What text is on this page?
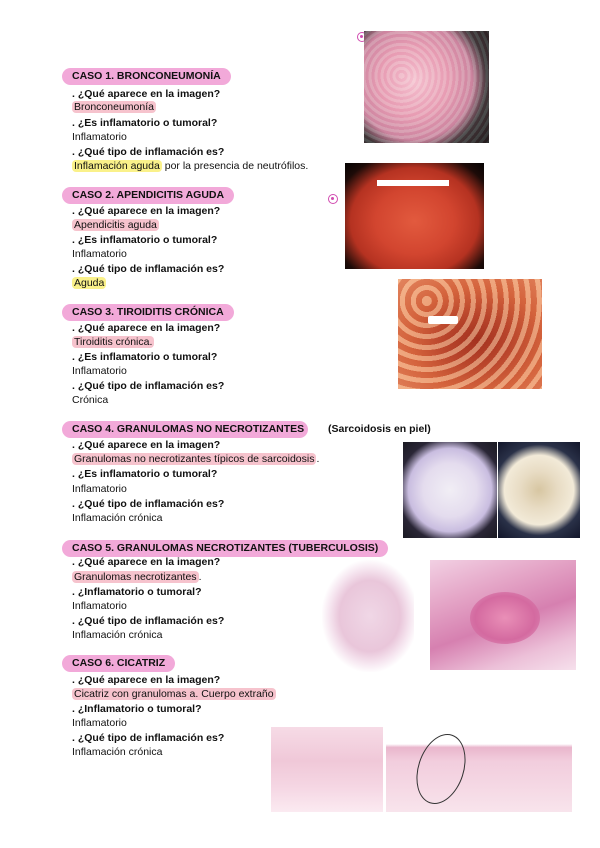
CASO 1. BRONCONEUMONÍA
. ¿Qué aparece en la imagen?
Bronconeumonía
. ¿Es inflamatorio o tumoral?
Inflamatorio
. ¿Qué tipo de inflamación es?
Inflamación aguda por la presencia de neutrófilos.
CASO 2. APENDICITIS AGUDA
. ¿Qué aparece en la imagen?
Apendicitis aguda
. ¿Es inflamatorio o tumoral?
Inflamatorio
. ¿Qué tipo de inflamación es?
Aguda
CASO 3. TIROIDITIS CRÓNICA
. ¿Qué aparece en la imagen?
Tiroiditis crónica.
. ¿Es inflamatorio o tumoral?
Inflamatorio
. ¿Qué tipo de inflamación es?
Crónica
CASO 4. GRANULOMAS NO NECROTIZANTES	(Sarcoidosis en piel)
. ¿Qué aparece en la imagen?
Granulomas no necrotizantes típicos de sarcoidosis .
. ¿Es inflamatorio o tumoral?
Inflamatorio
. ¿Qué tipo de inflamación es?
Inflamación crónica
CASO 5. GRANULOMAS NECROTIZANTES (TUBERCULOSIS)
. ¿Qué aparece en la imagen?
Granulomas necrotizantes .
. ¿Inflamatorio o tumoral?
Inflamatorio
. ¿Qué tipo de inflamación es?
Inflamación crónica
CASO 6. CICATRIZ
. ¿Qué aparece en la imagen?
Cicatriz con granulomas a. Cuerpo extraño
. ¿Inflamatorio o tumoral?
Inflamatorio
. ¿Qué tipo de inflamación es?
Inflamación crónica
